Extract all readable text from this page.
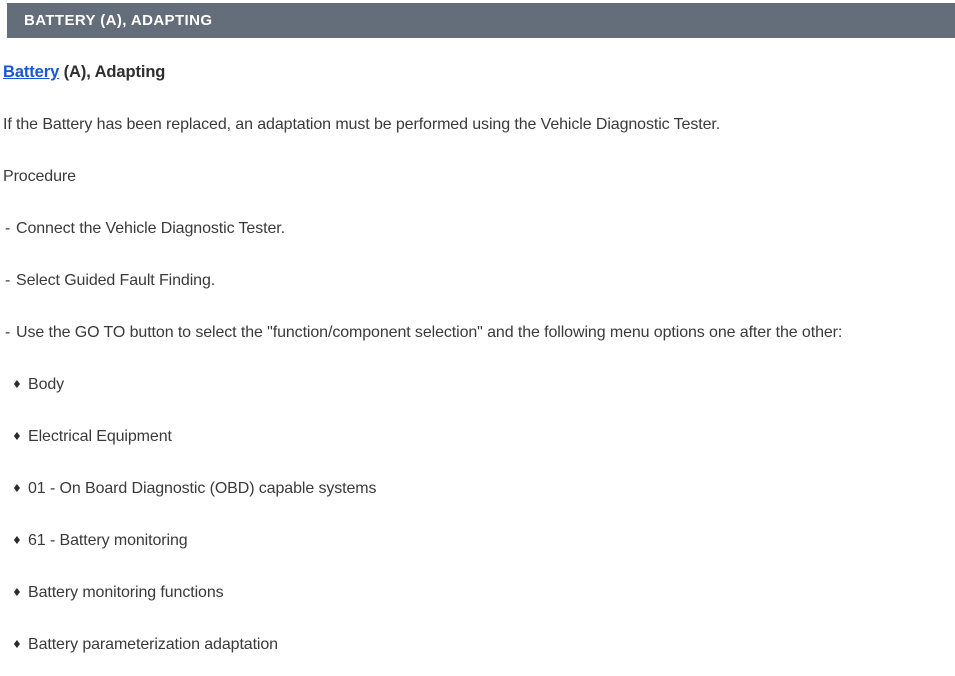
BATTERY (A), ADAPTING
Battery (A), Adapting
If the Battery has been replaced, an adaptation must be performed using the Vehicle Diagnostic Tester.
Procedure
- Connect the Vehicle Diagnostic Tester.
- Select Guided Fault Finding.
- Use the GO TO button to select the "function/component selection" and the following menu options one after the other:
♦ Body
♦ Electrical Equipment
♦ 01 - On Board Diagnostic (OBD) capable systems
♦ 61 - Battery monitoring
♦ Battery monitoring functions
♦ Battery parameterization adaptation
